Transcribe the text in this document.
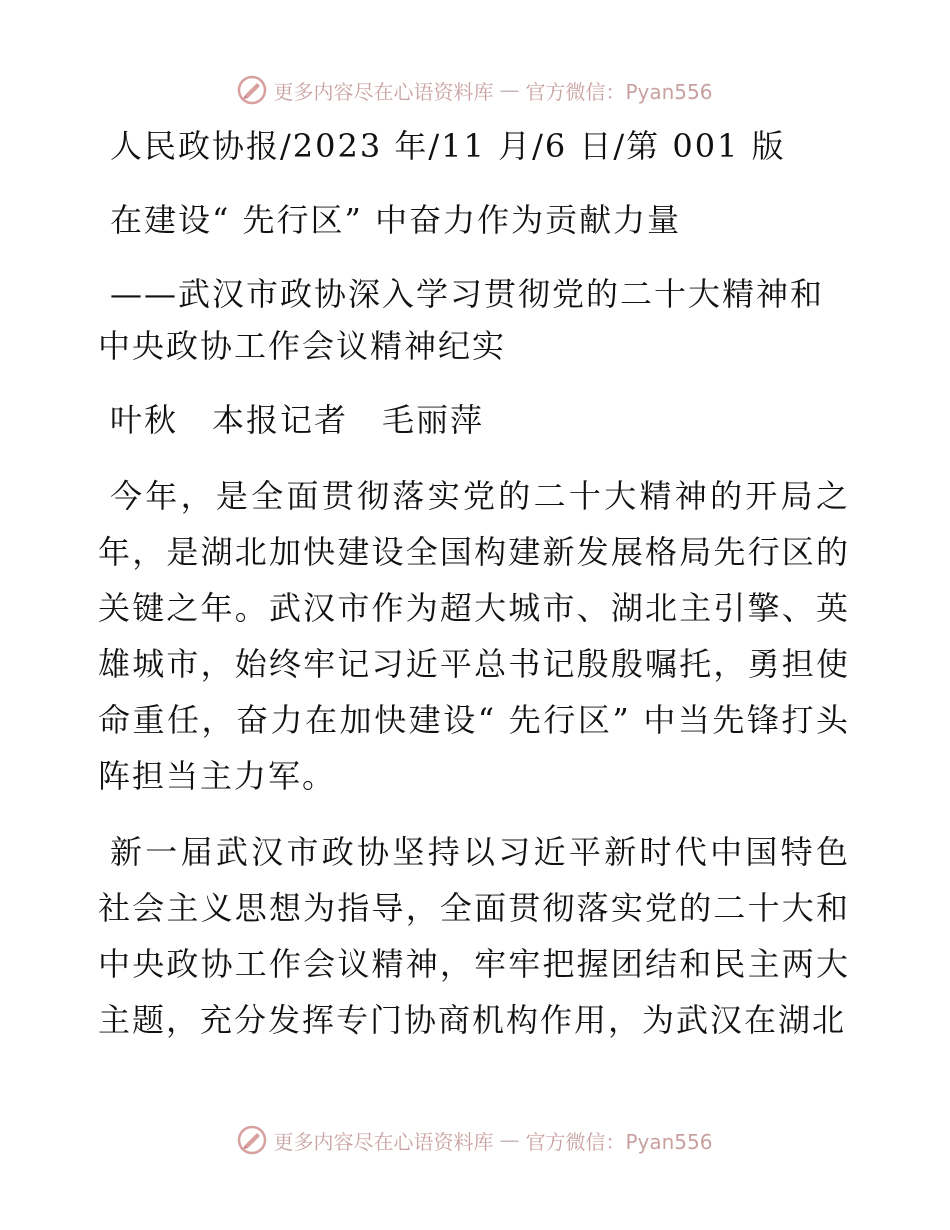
更多内容尽在心语资料库 — 官方微信：Pyan556

人民政协报/2023 年/11 月/6 日/第 001 版

在建设“ 先行区” 中奋力作为贡献力量

——武汉市政协深入学习贯彻党的二十大精神和

中央政协工作会议精神纪实

叶秋　本报记者　毛丽萍

今年，是全面贯彻落实党的二十大精神的开局之年，是湖北加快建设全国构建新发展格局先行区的关键之年。武汉市作为超大城市、湖北主引擎、英雄城市，始终牢记习近平总书记殷殷嘱托，勇担使命重任，奋力在加快建设“ 先行区” 中当先锋打头阵担当主力军。

新一届武汉市政协坚持以习近平新时代中国特色社会主义思想为指导，全面贯彻落实党的二十大和中央政协工作会议精神，牢牢把握团结和民主两大主题，充分发挥专门协商机构作用，为武汉在湖北

更多内容尽在心语资料库 — 官方微信：Pyan556
